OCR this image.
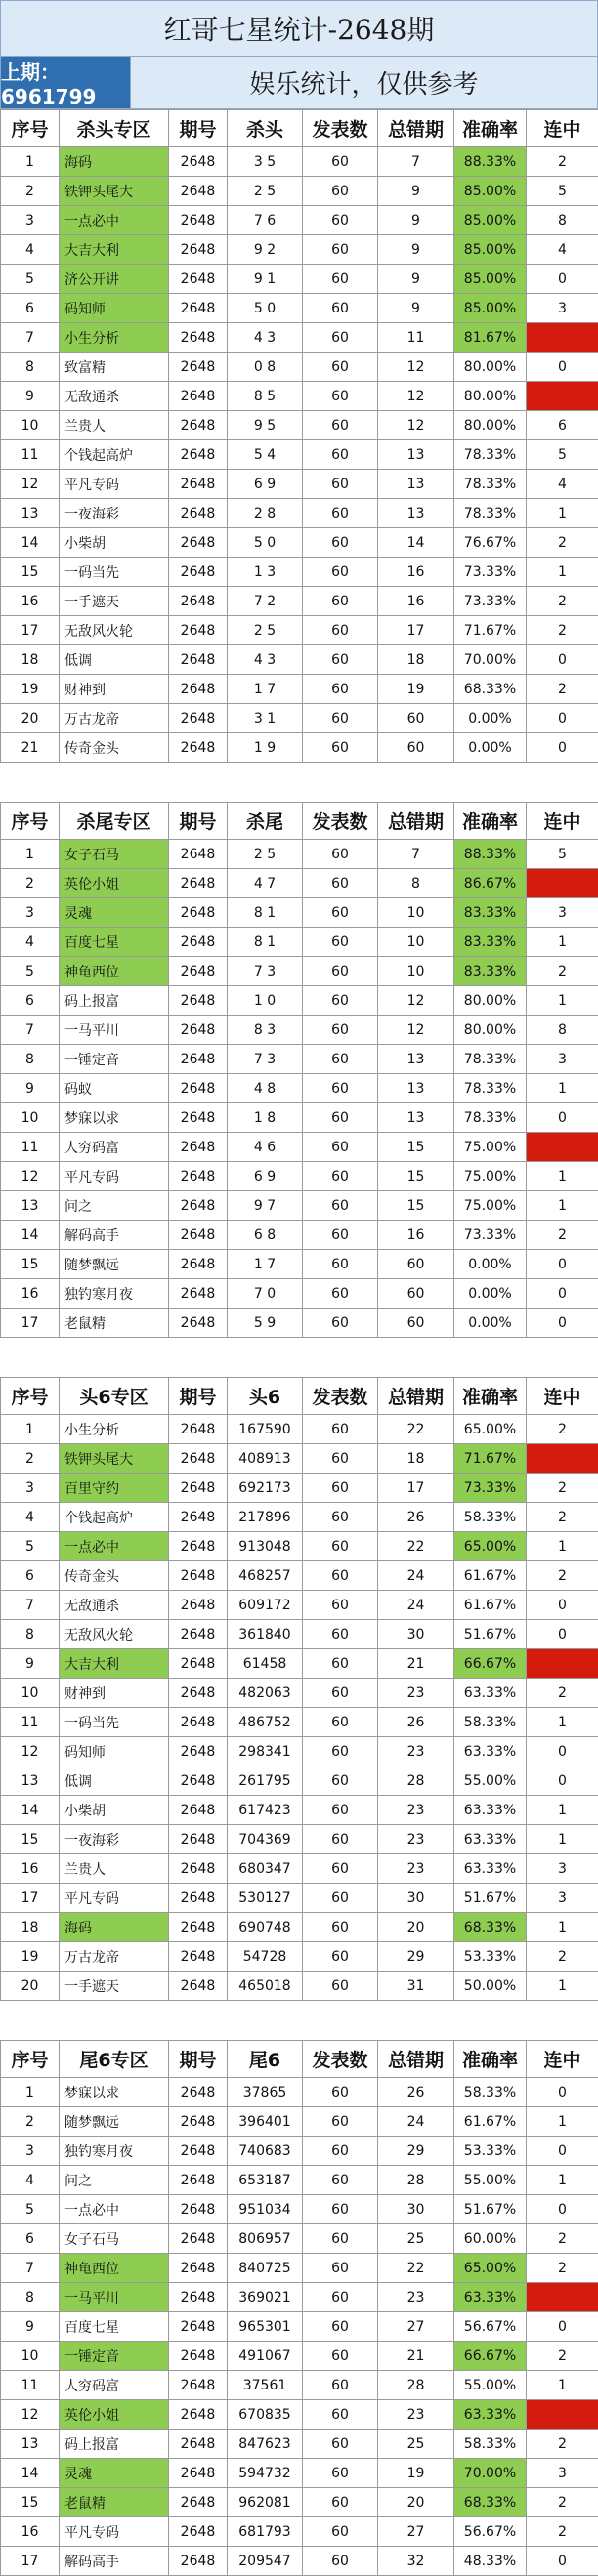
红哥七星统计-2648期
上期：6961799	娱乐统计，仅供参考
序号	杀头专区	期号	杀头	发表数	总错期	准确率	连中
1	海码	2648	3 5	60	7	88.33%	2
2	铁钾头尾大	2648	2 5	60	9	85.00%	5
3	一点必中	2648	7 6	60	9	85.00%	8
4	大吉大利	2648	9 2	60	9	85.00%	4
5	济公开讲	2648	9 1	60	9	85.00%	0
6	码知师	2648	5 0	60	9	85.00%	3
7	小生分析	2648	4 3	60	11	81.67%	13
8	致富精	2648	0 8	60	12	80.00%	0
9	无敌通杀	2648	8 5	60	12	80.00%	12
10	兰贵人	2648	9 5	60	12	80.00%	6
11	个钱起高炉	2648	5 4	60	13	78.33%	5
12	平凡专码	2648	6 9	60	13	78.33%	4
13	一夜海彩	2648	2 8	60	13	78.33%	1
14	小柴胡	2648	5 0	60	14	76.67%	2
15	一码当先	2648	1 3	60	16	73.33%	1
16	一手遮天	2648	7 2	60	16	73.33%	2
17	无敌风火轮	2648	2 5	60	17	71.67%	2
18	低调	2648	4 3	60	18	70.00%	0
19	财神到	2648	1 7	60	19	68.33%	2
20	万古龙帝	2648	3 1	60	60	0.00%	0
21	传奇金头	2648	1 9	60	60	0.00%	0
序号	杀尾专区	期号	杀尾	发表数	总错期	准确率	连中
1	女子石马	2648	2 5	60	7	88.33%	5
2	英伦小姐	2648	4 7	60	8	86.67%	7
3	灵魂	2648	8 1	60	10	83.33%	3
4	百度七星	2648	8 1	60	10	83.33%	1
5	神龟西位	2648	7 3	60	10	83.33%	2
6	码上报富	2648	1 0	60	12	80.00%	1
7	一马平川	2648	8 3	60	12	80.00%	8
8	一锤定音	2648	7 3	60	13	78.33%	3
9	码蚁	2648	4 8	60	13	78.33%	1
10	梦寐以求	2648	1 8	60	13	78.33%	0
11	人穷码富	2648	4 6	60	15	75.00%	7
12	平凡专码	2648	6 9	60	15	75.00%	1
13	问之	2648	9 7	60	15	75.00%	1
14	解码高手	2648	6 8	60	16	73.33%	2
15	随梦飘远	2648	1 7	60	60	0.00%	0
16	独钓寒月夜	2648	7 0	60	60	0.00%	0
17	老鼠精	2648	5 9	60	60	0.00%	0
序号	头6专区	期号	头6	发表数	总错期	准确率	连中
1	小生分析	2648	167590	60	22	65.00%	2
2	铁钾头尾大	2648	408913	60	18	71.67%	4
3	百里守约	2648	692173	60	17	73.33%	2
4	个钱起高炉	2648	217896	60	26	58.33%	2
5	一点必中	2648	913048	60	22	65.00%	1
6	传奇金头	2648	468257	60	24	61.67%	2
7	无敌通杀	2648	609172	60	24	61.67%	0
8	无敌风火轮	2648	361840	60	30	51.67%	0
9	大吉大利	2648	61458	60	21	66.67%	4
10	财神到	2648	482063	60	23	63.33%	2
11	一码当先	2648	486752	60	26	58.33%	1
12	码知师	2648	298341	60	23	63.33%	0
13	低调	2648	261795	60	28	55.00%	0
14	小柴胡	2648	617423	60	23	63.33%	1
15	一夜海彩	2648	704369	60	23	63.33%	1
16	兰贵人	2648	680347	60	23	63.33%	3
17	平凡专码	2648	530127	60	30	51.67%	3
18	海码	2648	690748	60	20	68.33%	1
19	万古龙帝	2648	54728	60	29	53.33%	2
20	一手遮天	2648	465018	60	31	50.00%	1
序号	尾6专区	期号	尾6	发表数	总错期	准确率	连中
1	梦寐以求	2648	37865	60	26	58.33%	0
2	随梦飘远	2648	396401	60	24	61.67%	1
3	独钓寒月夜	2648	740683	60	29	53.33%	0
4	问之	2648	653187	60	28	55.00%	1
5	一点必中	2648	951034	60	30	51.67%	0
6	女子石马	2648	806957	60	25	60.00%	2
7	神龟西位	2648	840725	60	22	65.00%	2
8	一马平川	2648	369021	60	23	63.33%	5
9	百度七星	2648	965301	60	27	56.67%	0
10	一锤定音	2648	491067	60	21	66.67%	2
11	人穷码富	2648	37561	60	28	55.00%	1
12	英伦小姐	2648	670835	60	23	63.33%	7
13	码上报富	2648	847623	60	25	58.33%	2
14	灵魂	2648	594732	60	19	70.00%	3
15	老鼠精	2648	962081	60	20	68.33%	2
16	平凡专码	2648	681793	60	27	56.67%	2
17	解码高手	2648	209547	60	32	48.33%	0
